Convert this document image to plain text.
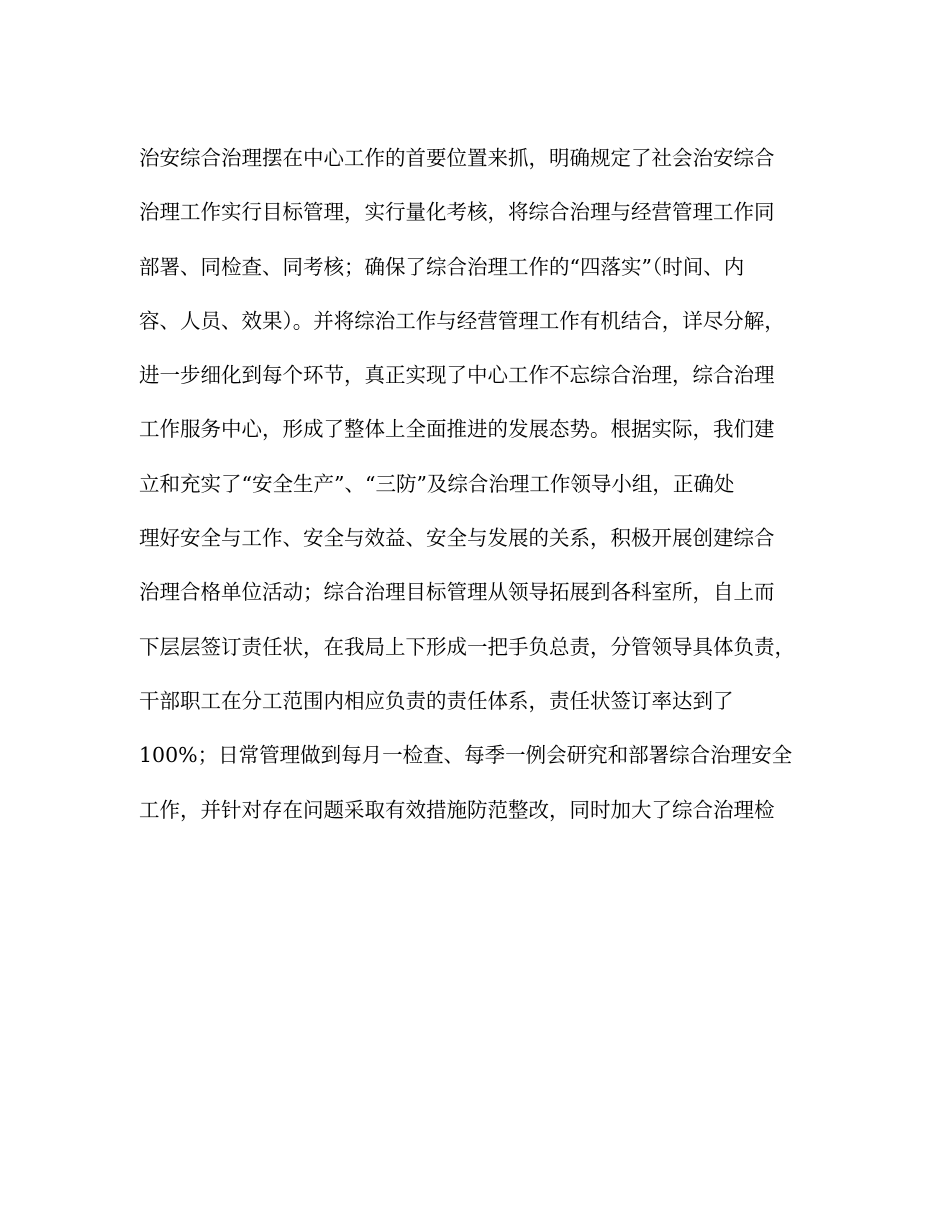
治安综合治理摆在中心工作的首要位置来抓，明确规定了社会治安综合
治理工作实行目标管理，实行量化考核，将综合治理与经营管理工作同
部署、同检查、同考核；确保了综合治理工作的“四落实”（时间、内
容、人员、效果）。并将综治工作与经营管理工作有机结合，详尽分解，
进一步细化到每个环节，真正实现了中心工作不忘综合治理，综合治理
工作服务中心，形成了整体上全面推进的发展态势。根据实际，我们建
立和充实了“安全生产”、“三防”及综合治理工作领导小组，正确处
理好安全与工作、安全与效益、安全与发展的关系，积极开展创建综合
治理合格单位活动；综合治理目标管理从领导拓展到各科室所，自上而
下层层签订责任状，在我局上下形成一把手负总责，分管领导具体负责，
干部职工在分工范围内相应负责的责任体系，责任状签订率达到了
100%；日常管理做到每月一检查、每季一例会研究和部署综合治理安全
工作，并针对存在问题采取有效措施防范整改，同时加大了综合治理检
